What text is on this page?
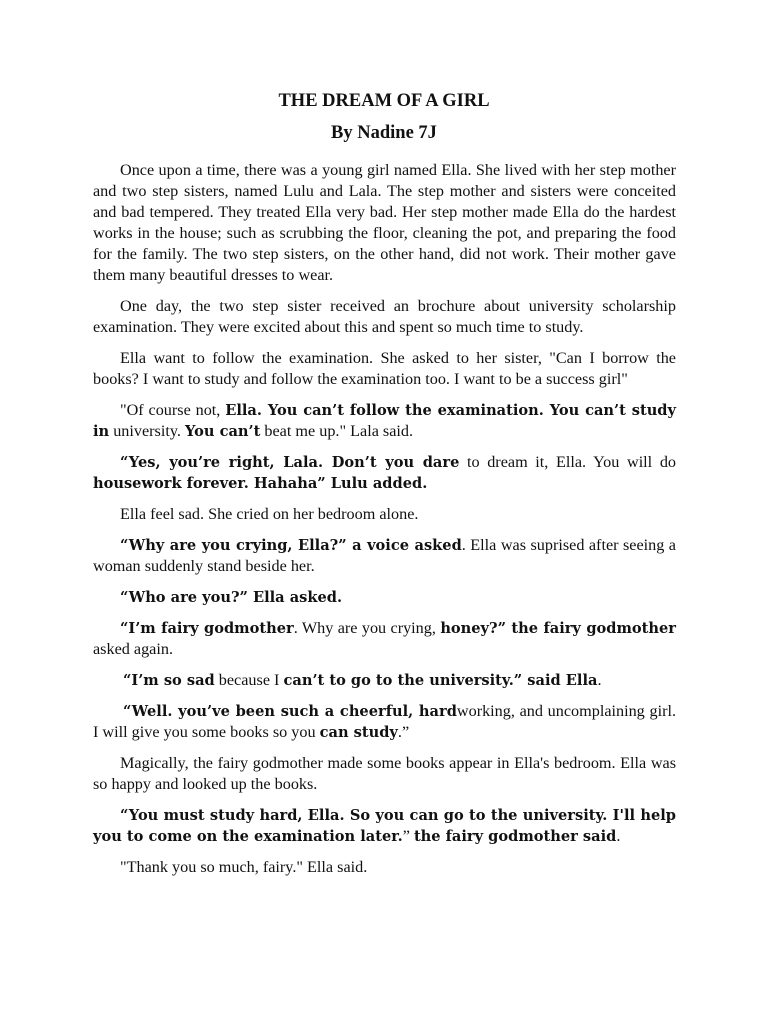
THE DREAM OF A GIRL
By Nadine 7J

Once upon a time, there was a young girl named Ella. She lived with her step mother and two step sisters, named Lulu and Lala. The step mother and sisters were conceited and bad tempered. They treated Ella very bad. Her step mother made Ella do the hardest works in the house; such as scrubbing the floor, cleaning the pot, and preparing the food for the family. The two step sisters, on the other hand, did not work. Their mother gave them many beautiful dresses to wear.

One day, the two step sister received an brochure about university scholarship examination. They were excited about this and spent so much time to study.

Ella want to follow the examination. She asked to her sister, "Can I borrow the books? I want to study and follow the examination too. I want to be a success girl"

"Of course not, Ella. You can’t follow the examination. You can’t study in university. You can’t beat me up." Lala said.

“Yes, you’re right, Lala. Don’t you dare to dream it, Ella. You will do housework forever. Hahaha” Lulu added.

Ella feel sad. She cried on her bedroom alone.

“Why are you crying, Ella?” a voice asked. Ella was suprised after seeing a woman suddenly stand beside her.

“Who are you?” Ella asked.

“I’m fairy godmother. Why are you crying, honey?” the fairy godmother asked again.

“I’m so sad because I can’t to go to the university.” said Ella.

“Well. you’ve been such a cheerful, hardworking, and uncomplaining girl. I will give you some books so you can study.”

Magically, the fairy godmother made some books appear in Ella's bedroom. Ella was so happy and looked up the books.

“You must study hard, Ella. So you can go to the university. I'll help you to come on the examination later.” the fairy godmother said.

"Thank you so much, fairy." Ella said.
